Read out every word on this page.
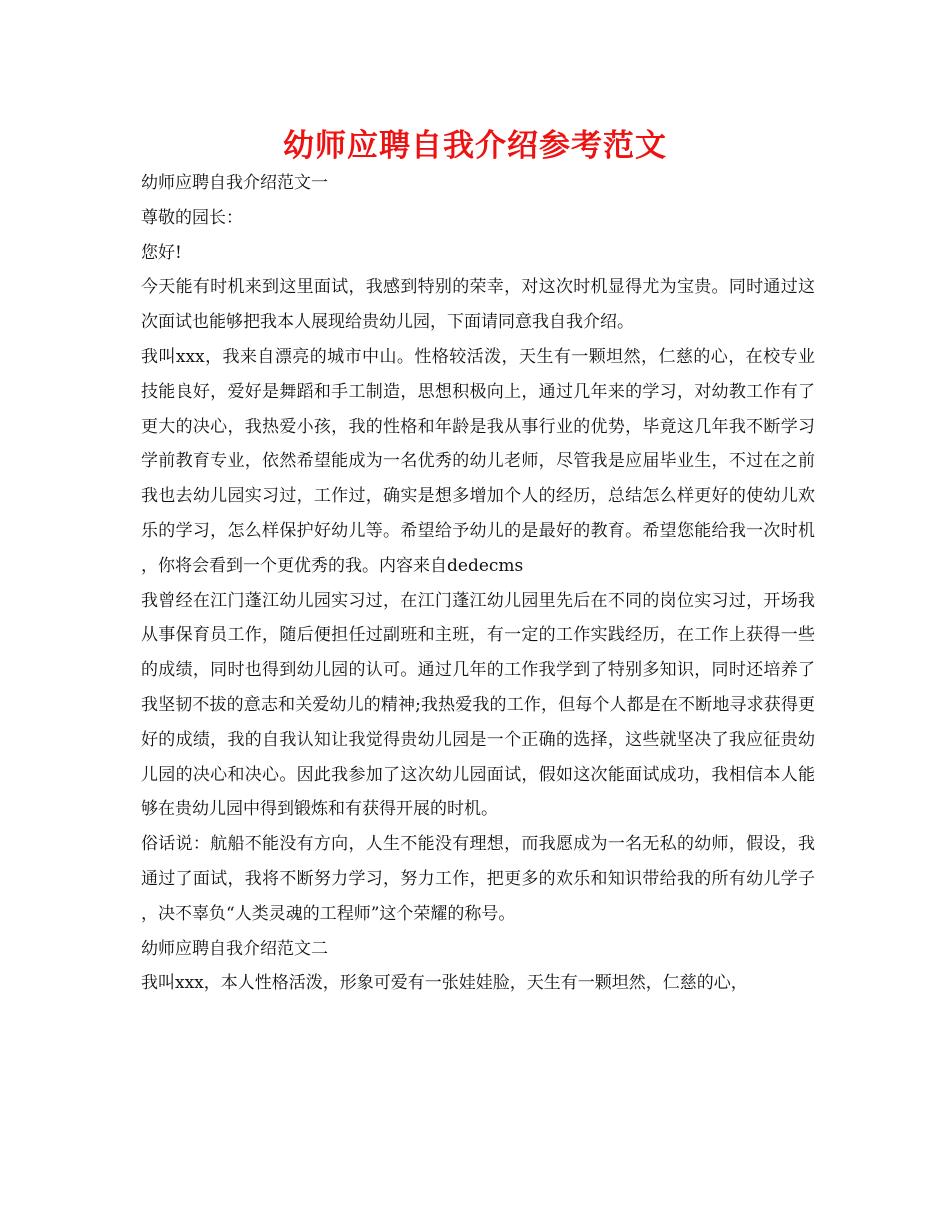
幼师应聘自我介绍参考范文

幼师应聘自我介绍范文一

尊敬的园长：

您好!

今天能有时机来到这里面试，我感到特别的荣幸，对这次时机显得尤为宝贵。同时通过这次面试也能够把我本人展现给贵幼儿园，下面请同意我自我介绍。

我叫xxx，我来自漂亮的城市中山。性格较活泼，天生有一颗坦然，仁慈的心，在校专业技能良好，爱好是舞蹈和手工制造，思想积极向上，通过几年来的学习，对幼教工作有了更大的决心，我热爱小孩，我的性格和年龄是我从事行业的优势，毕竟这几年我不断学习学前教育专业，依然希望能成为一名优秀的幼儿老师，尽管我是应届毕业生，不过在之前我也去幼儿园实习过，工作过，确实是想多增加个人的经历，总结怎么样更好的使幼儿欢乐的学习，怎么样保护好幼儿等。希望给予幼儿的是最好的教育。希望您能给我一次时机，你将会看到一个更优秀的我。内容来自dedecms

我曾经在江门蓬江幼儿园实习过，在江门蓬江幼儿园里先后在不同的岗位实习过，开场我从事保育员工作，随后便担任过副班和主班，有一定的工作实践经历，在工作上获得一些的成绩，同时也得到幼儿园的认可。通过几年的工作我学到了特别多知识，同时还培养了我坚韧不拔的意志和关爱幼儿的精神;我热爱我的工作，但每个人都是在不断地寻求获得更好的成绩，我的自我认知让我觉得贵幼儿园是一个正确的选择，这些就坚决了我应征贵幼儿园的决心和决心。因此我参加了这次幼儿园面试，假如这次能面试成功，我相信本人能够在贵幼儿园中得到锻炼和有获得开展的时机。

俗话说：航船不能没有方向，人生不能没有理想，而我愿成为一名无私的幼师，假设，我通过了面试，我将不断努力学习，努力工作，把更多的欢乐和知识带给我的所有幼儿学子，决不辜负“人类灵魂的工程师”这个荣耀的称号。

幼师应聘自我介绍范文二

我叫xxx，本人性格活泼，形象可爱有一张娃娃脸，天生有一颗坦然，仁慈的心，
